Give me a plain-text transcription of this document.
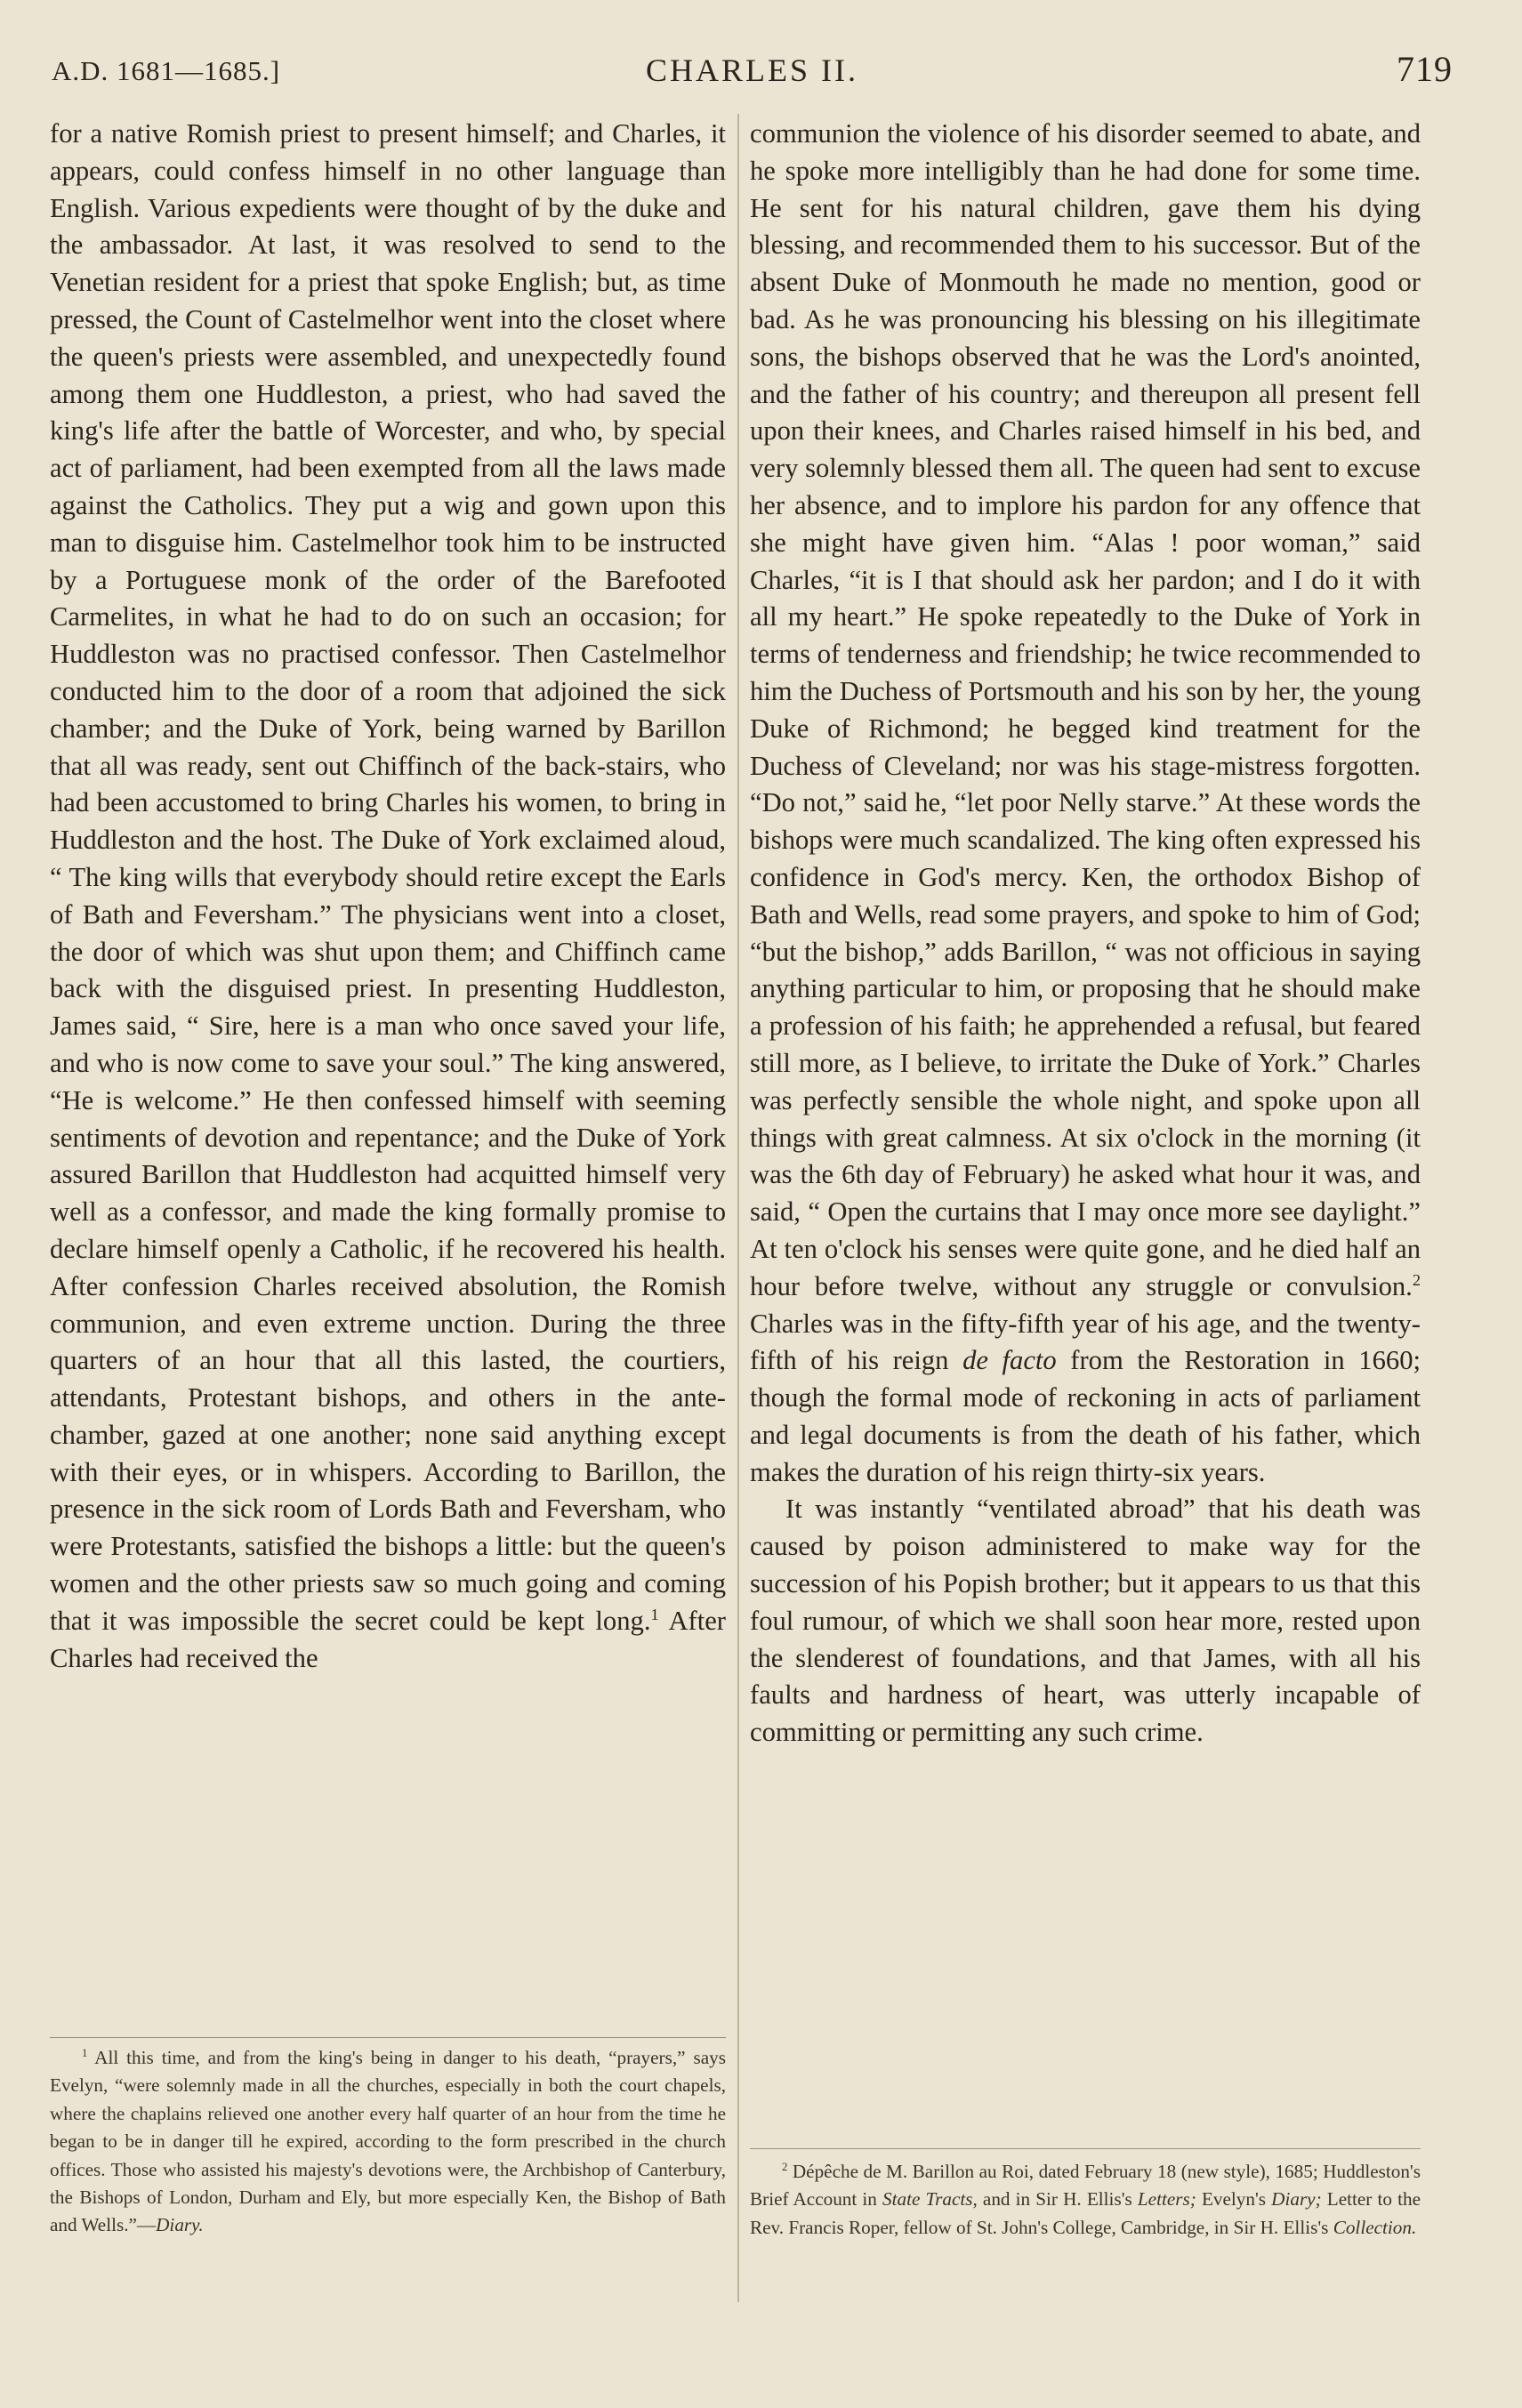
A.D. 1681—1685.]	CHARLES II.	719

for a native Romish priest to present himself; and Charles, it appears, could confess himself in no other language than English. Various expedients were thought of by the duke and the ambassador. At last, it was resolved to send to the Venetian resident for a priest that spoke English; but, as time pressed, the Count of Castelmelhor went into the closet where the queen's priests were assembled, and unexpectedly found among them one Huddleston, a priest, who had saved the king's life after the battle of Worcester, and who, by special act of parliament, had been exempted from all the laws made against the Catholics. They put a wig and gown upon this man to disguise him. Castelmelhor took him to be instructed by a Portuguese monk of the order of the Barefooted Carmelites, in what he had to do on such an occasion; for Huddleston was no practised confessor. Then Castelmelhor conducted him to the door of a room that adjoined the sick chamber; and the Duke of York, being warned by Barillon that all was ready, sent out Chiffinch of the back-stairs, who had been accustomed to bring Charles his women, to bring in Huddleston and the host. The Duke of York exclaimed aloud, “ The king wills that everybody should retire except the Earls of Bath and Feversham.” The physicians went into a closet, the door of which was shut upon them; and Chiffinch came back with the disguised priest. In presenting Huddleston, James said, “ Sire, here is a man who once saved your life, and who is now come to save your soul.” The king answered, “He is welcome.” He then confessed himself with seeming sentiments of devotion and repentance; and the Duke of York assured Barillon that Huddleston had acquitted himself very well as a confessor, and made the king formally promise to declare himself openly a Catholic, if he recovered his health. After confession Charles received absolution, the Romish communion, and even extreme unction. During the three quarters of an hour that all this lasted, the courtiers, attendants, Protestant bishops, and others in the ante-chamber, gazed at one another; none said anything except with their eyes, or in whispers. According to Barillon, the presence in the sick room of Lords Bath and Feversham, who were Protestants, satisfied the bishops a little: but the queen's women and the other priests saw so much going and coming that it was impossible the secret could be kept long.$^1$ After Charles had received the

communion the violence of his disorder seemed to abate, and he spoke more intelligibly than he had done for some time. He sent for his natural children, gave them his dying blessing, and recommended them to his successor. But of the absent Duke of Monmouth he made no mention, good or bad. As he was pronouncing his blessing on his illegitimate sons, the bishops observed that he was the Lord's anointed, and the father of his country; and thereupon all present fell upon their knees, and Charles raised himself in his bed, and very solemnly blessed them all. The queen had sent to excuse her absence, and to implore his pardon for any offence that she might have given him. “Alas ! poor woman,” said Charles, “it is I that should ask her pardon; and I do it with all my heart.” He spoke repeatedly to the Duke of York in terms of tenderness and friendship; he twice recommended to him the Duchess of Portsmouth and his son by her, the young Duke of Richmond; he begged kind treatment for the Duchess of Cleveland; nor was his stage-mistress forgotten. “Do not,” said he, “let poor Nelly starve.” At these words the bishops were much scandalized. The king often expressed his confidence in God's mercy. Ken, the orthodox Bishop of Bath and Wells, read some prayers, and spoke to him of God; “but the bishop,” adds Barillon, “ was not officious in saying anything particular to him, or proposing that he should make a profession of his faith; he apprehended a refusal, but feared still more, as I believe, to irritate the Duke of York.” Charles was perfectly sensible the whole night, and spoke upon all things with great calmness. At six o'clock in the morning (it was the 6th day of February) he asked what hour it was, and said, “ Open the curtains that I may once more see daylight.” At ten o'clock his senses were quite gone, and he died half an hour before twelve, without any struggle or convulsion.$^2$ Charles was in the fifty-fifth year of his age, and the twenty-fifth of his reign de facto from the Restoration in 1660; though the formal mode of reckoning in acts of parliament and legal documents is from the death of his father, which makes the duration of his reign thirty-six years.

It was instantly “ventilated abroad” that his death was caused by poison administered to make way for the succession of his Popish brother; but it appears to us that this foul rumour, of which we shall soon hear more, rested upon the slenderest of foundations, and that James, with all his faults and hardness of heart, was utterly incapable of committing or permitting any such crime.

$^1$ All this time, and from the king's being in danger to his death, “prayers,” says Evelyn, “were solemnly made in all the churches, especially in both the court chapels, where the chaplains relieved one another every half quarter of an hour from the time he began to be in danger till he expired, according to the form prescribed in the church offices. Those who assisted his majesty's devotions were, the Archbishop of Canterbury, the Bishops of London, Durham and Ely, but more especially Ken, the Bishop of Bath and Wells.”—Diary.

$^2$ Dépêche de M. Barillon au Roi, dated February 18 (new style), 1685; Huddleston's Brief Account in State Tracts, and in Sir H. Ellis's Letters; Evelyn's Diary; Letter to the Rev. Francis Roper, fellow of St. John's College, Cambridge, in Sir H. Ellis's Collection.
